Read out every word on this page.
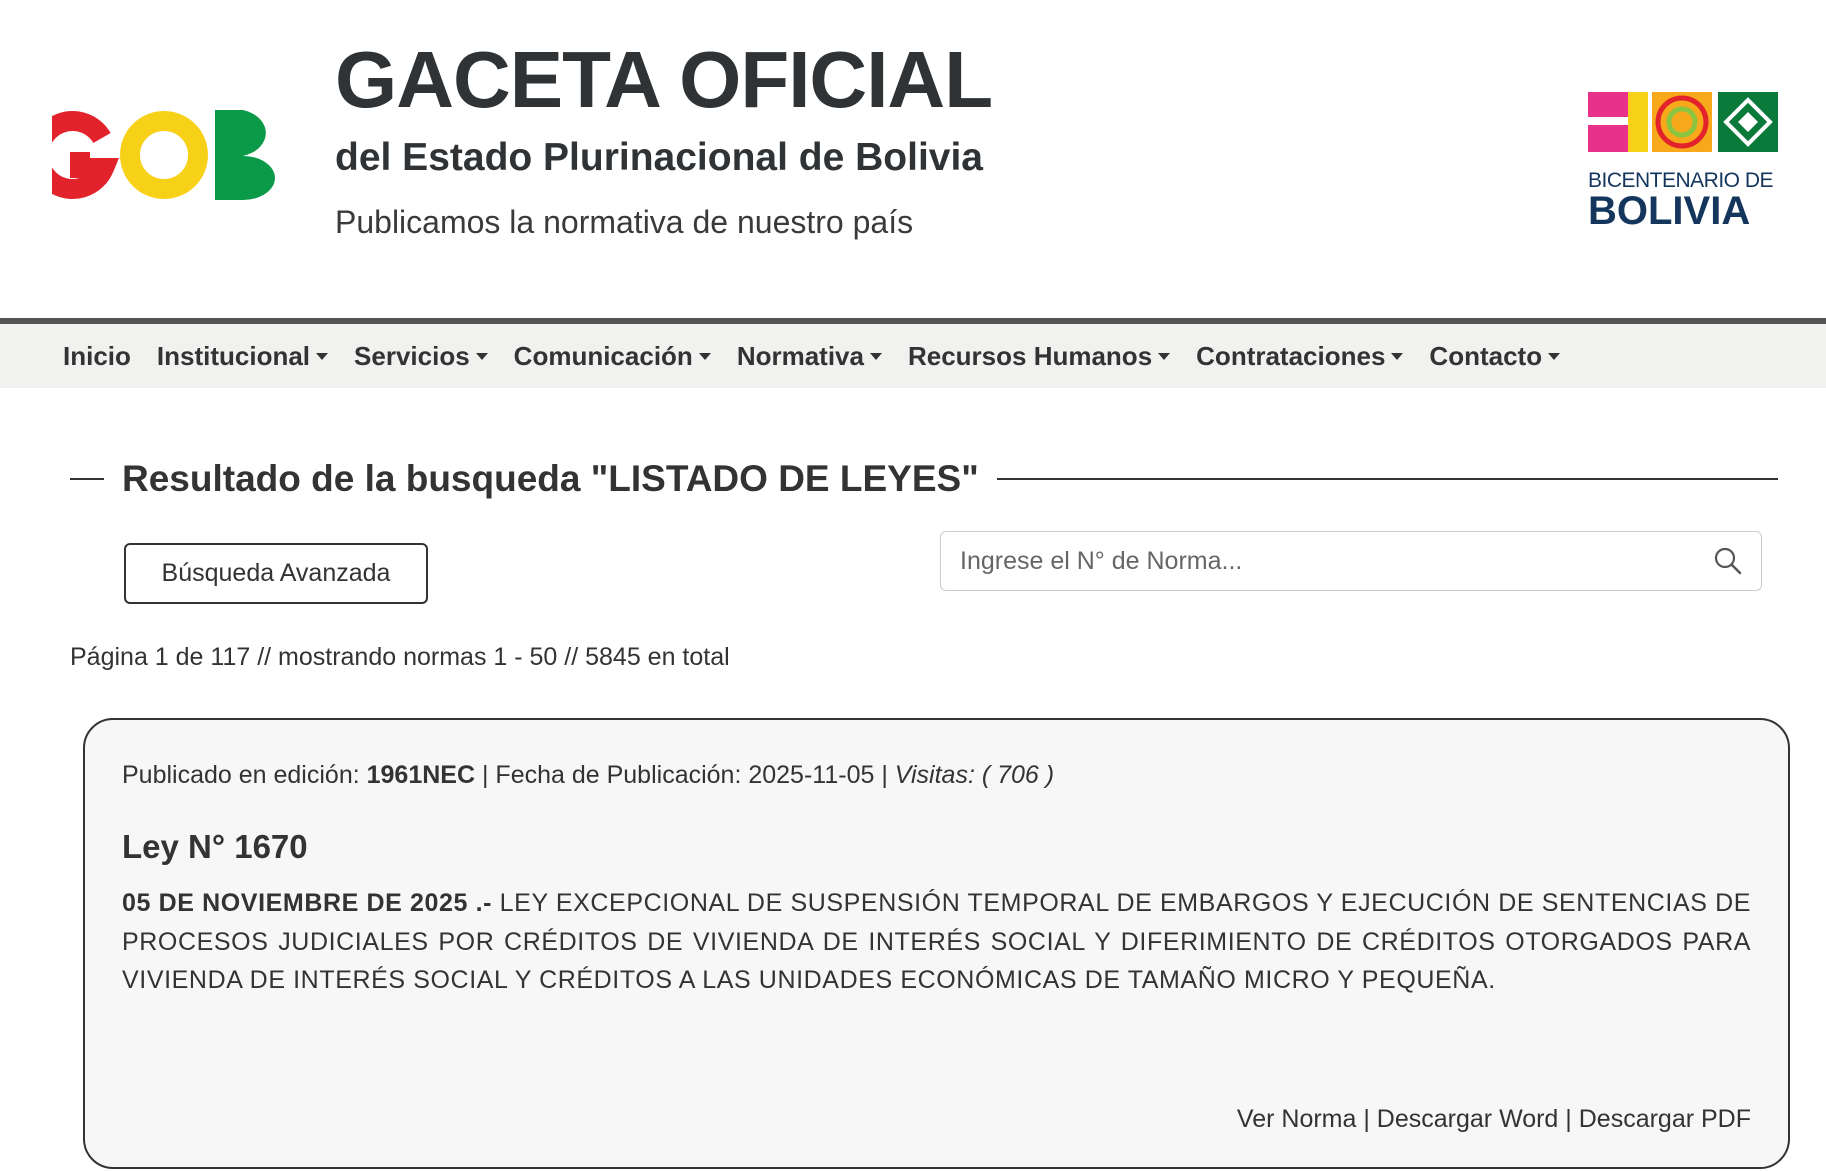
GACETA OFICIAL
del Estado Plurinacional de Bolivia
Publicamos la normativa de nuestro país
BICENTENARIO DE
BOLIVIA
Inicio Institucional Servicios Comunicación Normativa Recursos Humanos Contrataciones Contacto
Resultado de la busqueda "LISTADO DE LEYES"
Búsqueda Avanzada
Ingrese el N° de Norma...
Página 1 de 117 // mostrando normas 1 - 50 // 5845 en total
Publicado en edición: 1961NEC | Fecha de Publicación: 2025-11-05 | Visitas: ( 706 )
Ley N° 1670
05 DE NOVIEMBRE DE 2025 .- LEY EXCEPCIONAL DE SUSPENSIÓN TEMPORAL DE EMBARGOS Y EJECUCIÓN DE SENTENCIAS DE PROCESOS JUDICIALES POR CRÉDITOS DE VIVIENDA DE INTERÉS SOCIAL Y DIFERIMIENTO DE CRÉDITOS OTORGADOS PARA VIVIENDA DE INTERÉS SOCIAL Y CRÉDITOS A LAS UNIDADES ECONÓMICAS DE TAMAÑO MICRO Y PEQUEÑA.
Ver Norma | Descargar Word | Descargar PDF
